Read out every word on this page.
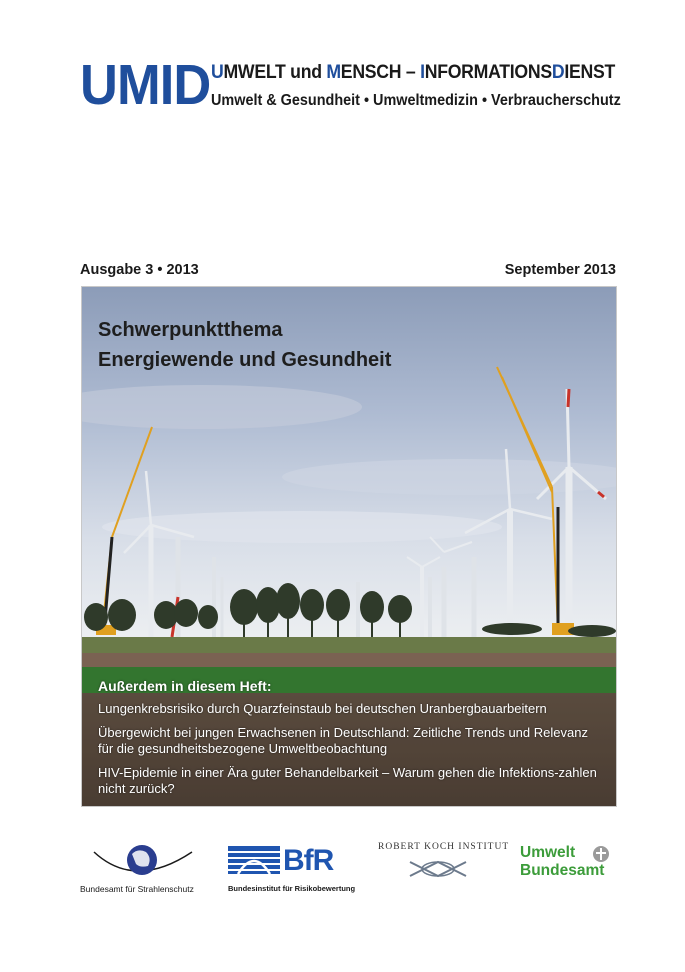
UMID UMWELT und MENSCH – INFORMATIONSDIENST
Umwelt & Gesundheit • Umweltmedizin • Verbraucherschutz
Ausgabe 3 • 2013	September 2013
Schwerpunktthema
Energiewende und Gesundheit
Außerdem in diesem Heft:
Lungenkrebsrisiko durch Quarzfeinstaub bei deutschen Uranbergbauarbeitern
Übergewicht bei jungen Erwachsenen in Deutschland: Zeitliche Trends und Relevanz für die gesundheitsbezogene Umweltbeobachtung
HIV-Epidemie in einer Ära guter Behandelbarkeit – Warum gehen die Infektions-zahlen nicht zurück?
Bundesamt für Strahlenschutz
BfR
Bundesinstitut für Risikobewertung
ROBERT KOCH INSTITUT Umwelt
Bundesamt
